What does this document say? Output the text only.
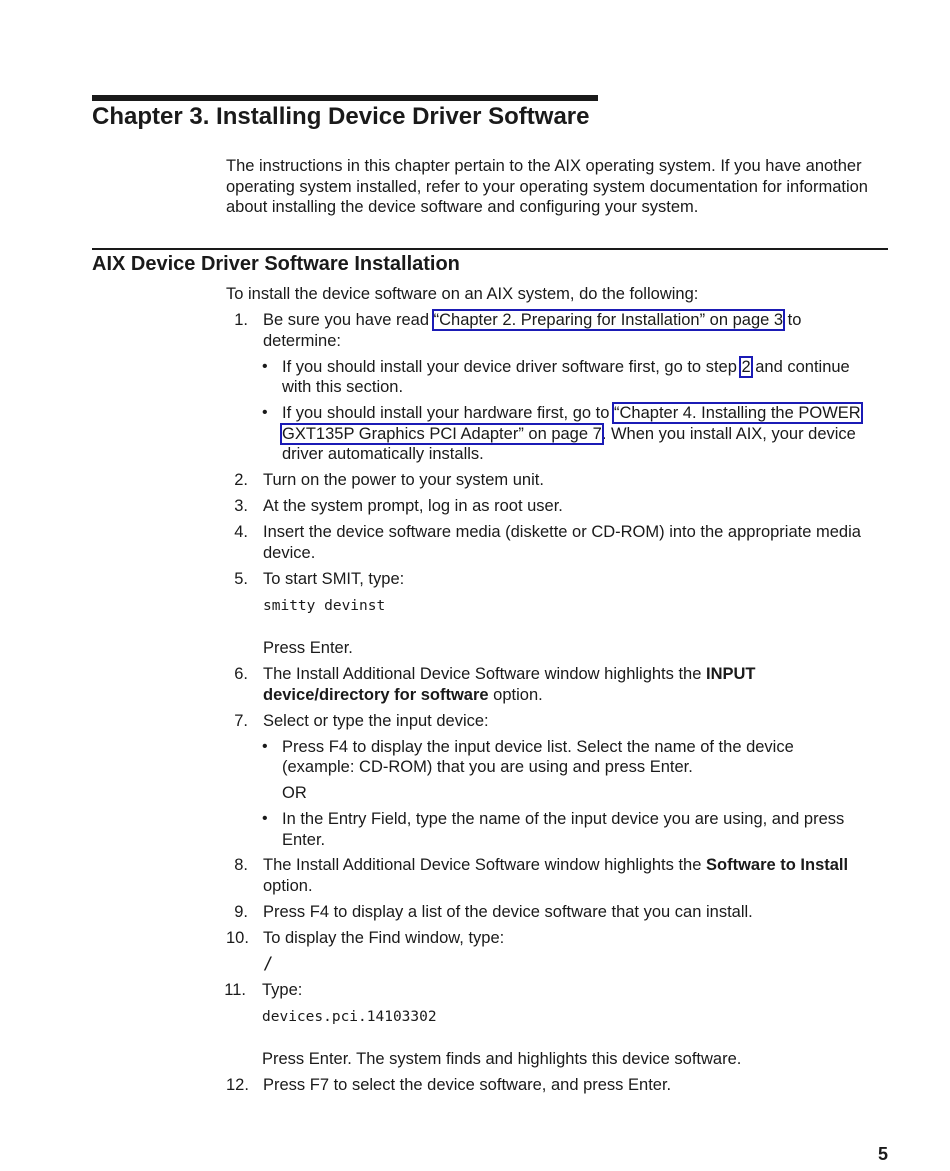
Chapter 3. Installing Device Driver Software
The instructions in this chapter pertain to the AIX operating system. If you have another operating system installed, refer to your operating system documentation for information about installing the device software and configuring your system.
AIX Device Driver Software Installation
To install the device software on an AIX system, do the following:
1. Be sure you have read “Chapter 2. Preparing for Installation” on page 3 to
determine:
• If you should install your device driver software first, go to step 2 and continue
with this section.
• If you should install your hardware first, go to “Chapter 4. Installing the POWER
GXT135P Graphics PCI Adapter” on page 7. When you install AIX, your device
driver automatically installs.
2. Turn on the power to your system unit.
3. At the system prompt, log in as root user.
4. Insert the device software media (diskette or CD-ROM) into the appropriate media
device.
5. To start SMIT, type:
smitty devinst
Press Enter.
6. The Install Additional Device Software window highlights the INPUT
device/directory for software option.
7. Select or type the input device:
• Press F4 to display the input device list. Select the name of the device
(example: CD-ROM) that you are using and press Enter.
OR
• In the Entry Field, type the name of the input device you are using, and press
Enter.
8. The Install Additional Device Software window highlights the Software to Install
option.
9. Press F4 to display a list of the device software that you can install.
10. To display the Find window, type:
/
11. Type:
devices.pci.14103302
Press Enter. The system finds and highlights this device software.
12. Press F7 to select the device software, and press Enter.
5
